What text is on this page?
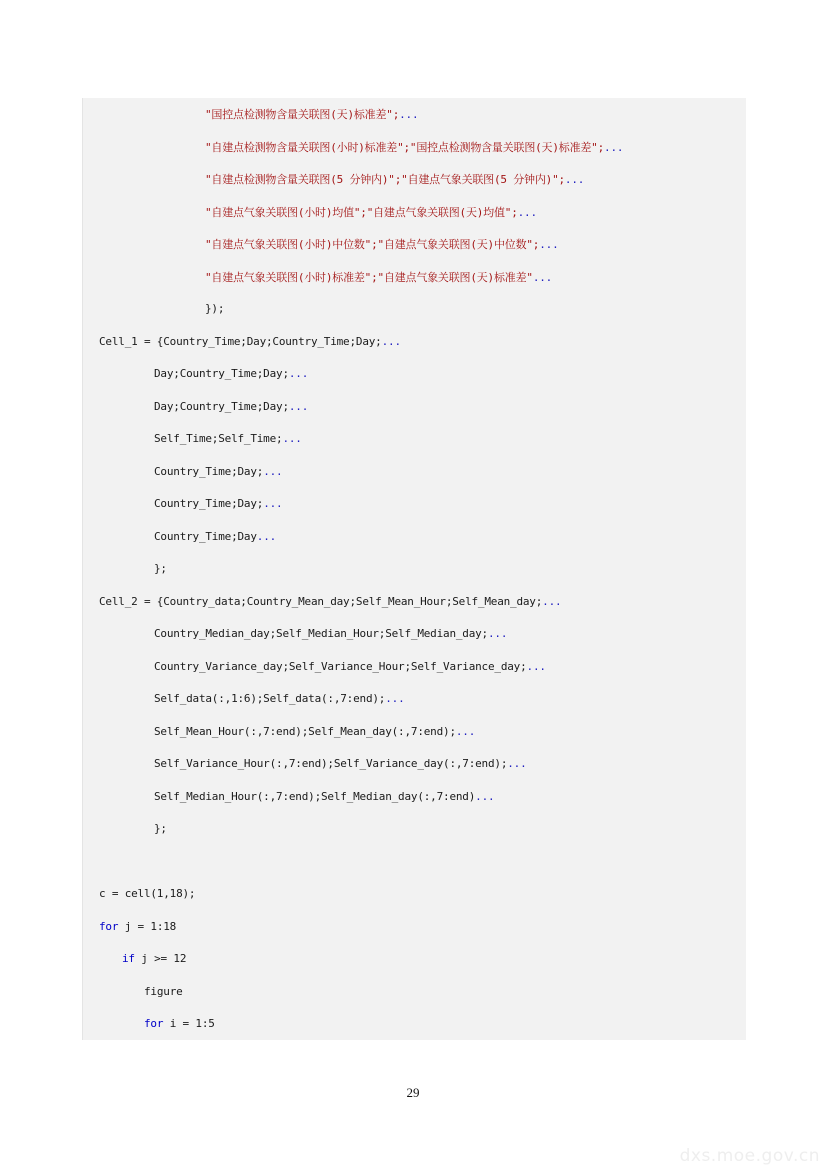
"国控点检测物含量关联图(天)标准差";...
"自建点检测物含量关联图(小时)标准差";"国控点检测物含量关联图(天)标准差";...
"自建点检测物含量关联图(5 分钟内)";"自建点气象关联图(5 分钟内)";...
"自建点气象关联图(小时)均值";"自建点气象关联图(天)均值";...
"自建点气象关联图(小时)中位数";"自建点气象关联图(天)中位数";...
"自建点气象关联图(小时)标准差";"自建点气象关联图(天)标准差"...
});
Cell_1 = {Country_Time;Day;Country_Time;Day;...
Day;Country_Time;Day;...
Day;Country_Time;Day;...
Self_Time;Self_Time;...
Country_Time;Day;...
Country_Time;Day;...
Country_Time;Day...
};
Cell_2 = {Country_data;Country_Mean_day;Self_Mean_Hour;Self_Mean_day;...
Country_Median_day;Self_Median_Hour;Self_Median_day;...
Country_Variance_day;Self_Variance_Hour;Self_Variance_day;...
Self_data(:,1:6);Self_data(:,7:end);...
Self_Mean_Hour(:,7:end);Self_Mean_day(:,7:end);...
Self_Variance_Hour(:,7:end);Self_Variance_day(:,7:end);...
Self_Median_Hour(:,7:end);Self_Median_day(:,7:end)...
};
c = cell(1,18);
for j = 1:18
if j >= 12
figure
for i = 1:5
29
dxs.moe.gov.cn
